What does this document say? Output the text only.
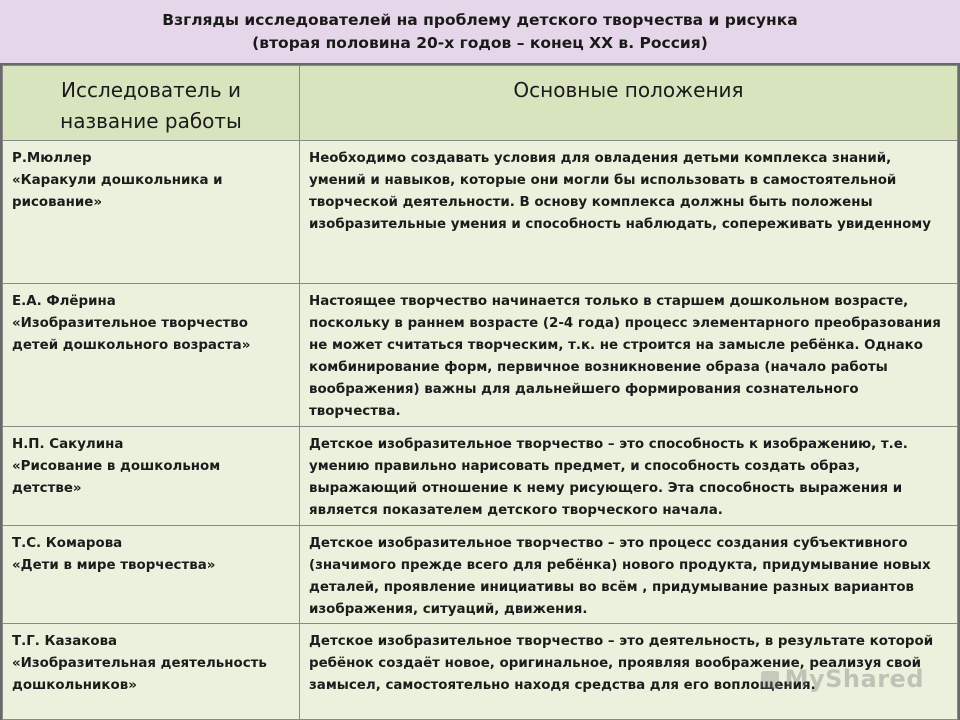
Взгляды исследователей на проблему детского творчества и рисунка
(вторая половина 20-х годов – конец XX в. Россия)
Исследователь и название работы	Основные положения

Р.Мюллер
«Каракули дошкольника и рисование»	Необходимо создавать условия для овладения детьми комплекса знаний, умений и навыков, которые они могли бы использовать в самостоятельной творческой деятельности. В основу комплекса должны быть положены изобразительные умения и способность наблюдать, сопереживать увиденному

Е.А. Флёрина
«Изобразительное творчество детей дошкольного возраста»	Настоящее творчество начинается только в старшем дошкольном возрасте, поскольку в раннем возрасте (2-4 года) процесс элементарного преобразования не может считаться творческим, т.к. не строится на замысле ребёнка. Однако комбинирование форм, первичное возникновение образа (начало работы воображения) важны для дальнейшего формирования сознательного творчества.

Н.П. Сакулина
«Рисование в дошкольном детстве»	Детское изобразительное творчество – это способность к изображению, т.е. умению правильно нарисовать предмет, и способность создать образ, выражающий отношение к нему рисующего. Эта способность выражения и является показателем детского творческого начала.

Т.С. Комарова
«Дети в мире творчества»	Детское изобразительное творчество – это процесс создания субъективного (значимого прежде всего для ребёнка) нового продукта, придумывание новых деталей, проявление инициативы во всём , придумывание разных вариантов изображения, ситуаций, движения.

Т.Г. Казакова
«Изобразительная деятельность дошкольников»	Детское изобразительное творчество – это деятельность, в результате которой ребёнок создаёт новое, оригинальное, проявляя воображение, реализуя свой замысел, самостоятельно находя средства для его воплощения.
MyShared
